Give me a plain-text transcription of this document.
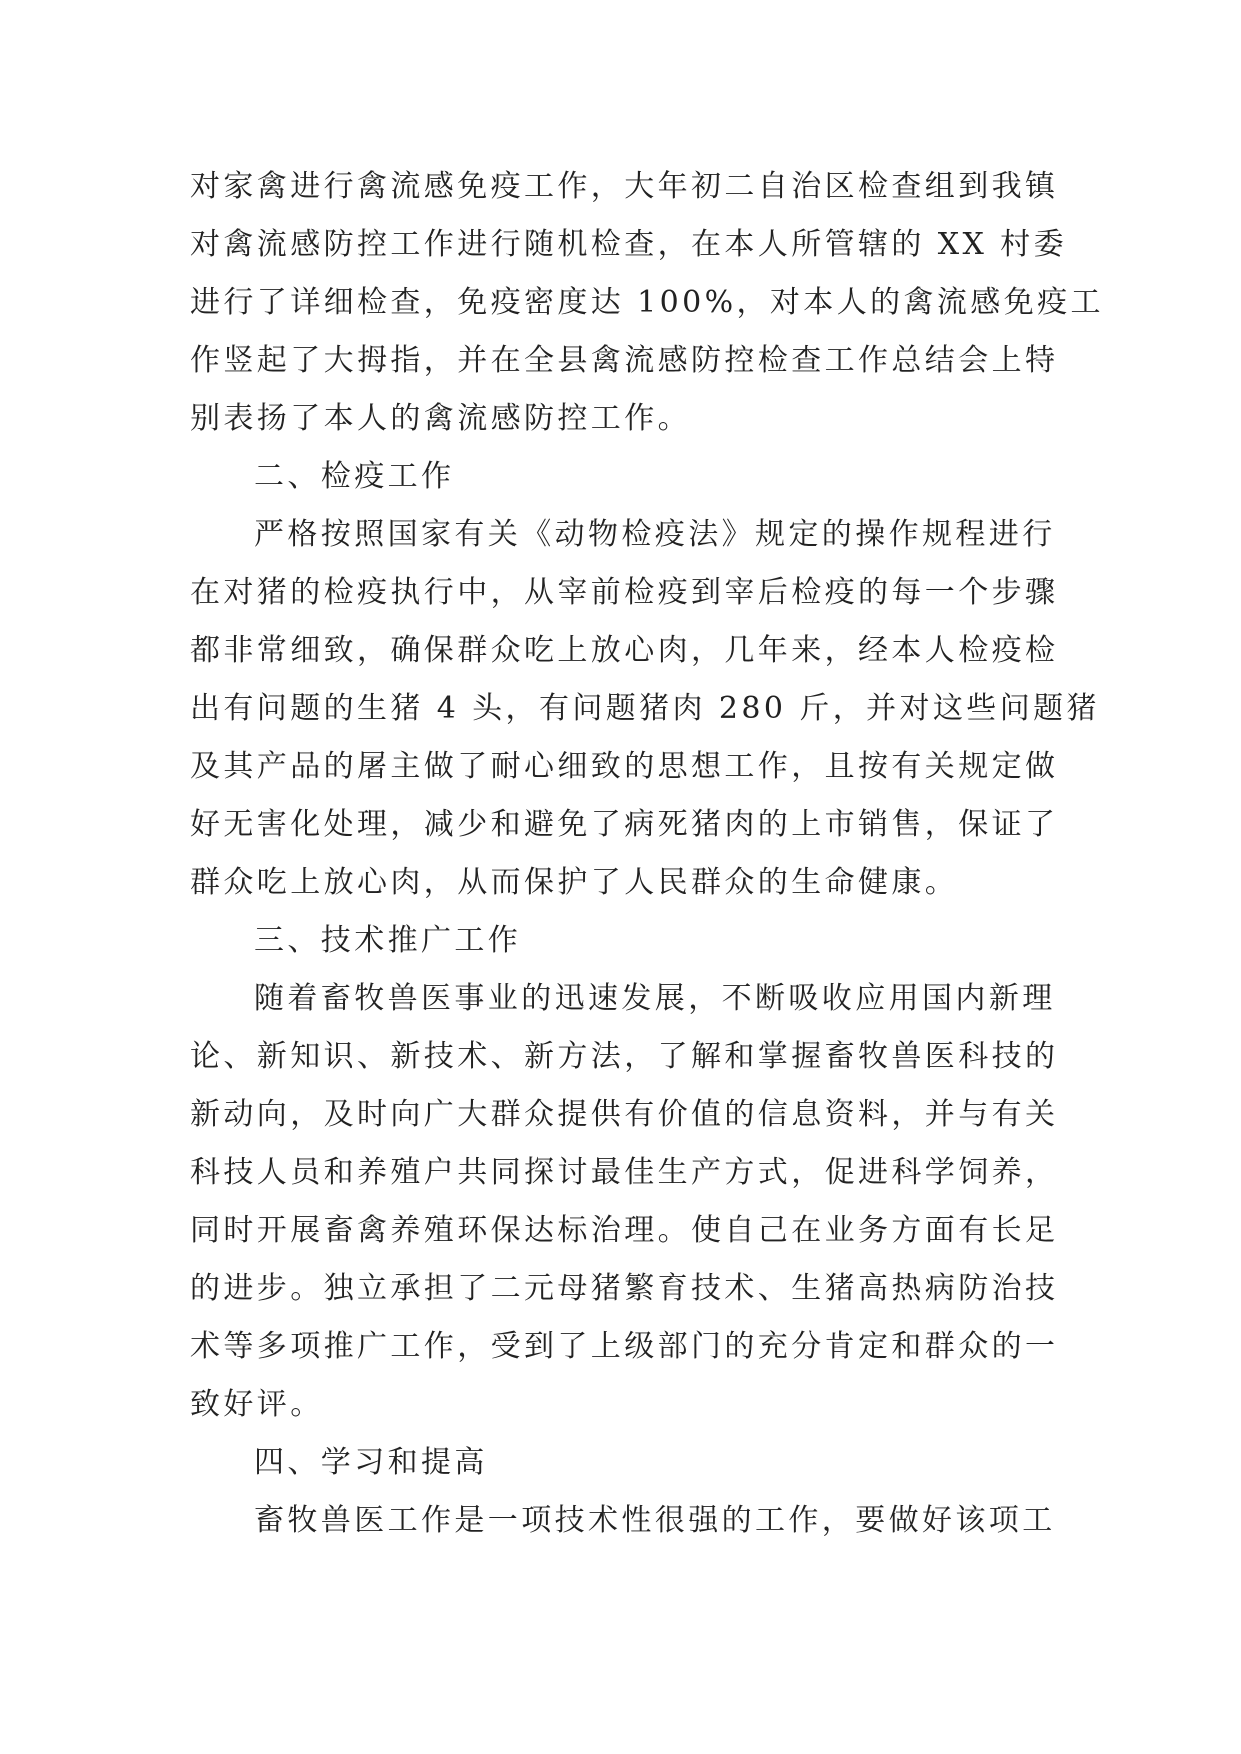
对家禽进行禽流感免疫工作，大年初二自治区检查组到我镇
对禽流感防控工作进行随机检查，在本人所管辖的 XX 村委
进行了详细检查，免疫密度达 100%，对本人的禽流感免疫工
作竖起了大拇指，并在全县禽流感防控检查工作总结会上特
别表扬了本人的禽流感防控工作。
二、检疫工作
严格按照国家有关《动物检疫法》规定的操作规程进行
在对猪的检疫执行中，从宰前检疫到宰后检疫的每一个步骤
都非常细致，确保群众吃上放心肉，几年来，经本人检疫检
出有问题的生猪 4 头，有问题猪肉 280 斤，并对这些问题猪
及其产品的屠主做了耐心细致的思想工作，且按有关规定做
好无害化处理，减少和避免了病死猪肉的上市销售，保证了
群众吃上放心肉，从而保护了人民群众的生命健康。
三、技术推广工作
随着畜牧兽医事业的迅速发展，不断吸收应用国内新理
论、新知识、新技术、新方法，了解和掌握畜牧兽医科技的
新动向，及时向广大群众提供有价值的信息资料，并与有关
科技人员和养殖户共同探讨最佳生产方式，促进科学饲养，
同时开展畜禽养殖环保达标治理。使自己在业务方面有长足
的进步。独立承担了二元母猪繁育技术、生猪高热病防治技
术等多项推广工作，受到了上级部门的充分肯定和群众的一
致好评。
四、学习和提高
畜牧兽医工作是一项技术性很强的工作，要做好该项工
